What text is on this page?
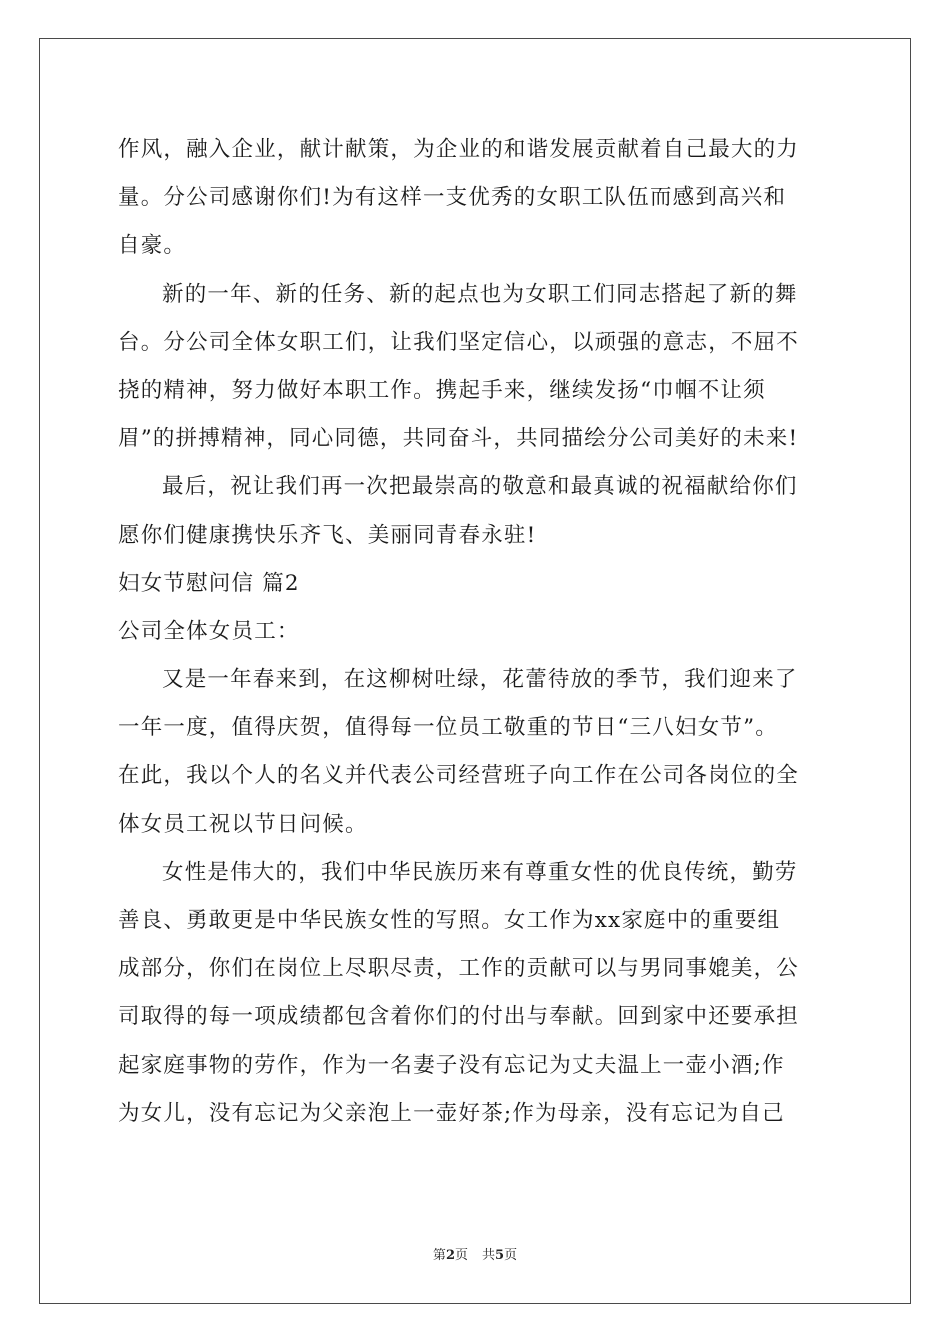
作风，融入企业，献计献策，为企业的和谐发展贡献着自己最大的力
量。分公司感谢你们!为有这样一支优秀的女职工队伍而感到高兴和
自豪。
新的一年、新的任务、新的起点也为女职工们同志搭起了新的舞
台。分公司全体女职工们，让我们坚定信心，以顽强的意志，不屈不
挠的精神，努力做好本职工作。携起手来，继续发扬“巾帼不让须
眉”的拼搏精神，同心同德，共同奋斗，共同描绘分公司美好的未来!
最后，祝让我们再一次把最崇高的敬意和最真诚的祝福献给你们
愿你们健康携快乐齐飞、美丽同青春永驻!
妇女节慰问信 篇2
公司全体女员工：
又是一年春来到，在这柳树吐绿，花蕾待放的季节，我们迎来了
一年一度，值得庆贺，值得每一位员工敬重的节日“三八妇女节”。
在此，我以个人的名义并代表公司经营班子向工作在公司各岗位的全
体女员工祝以节日问候。
女性是伟大的，我们中华民族历来有尊重女性的优良传统，勤劳
善良、勇敢更是中华民族女性的写照。女工作为xx家庭中的重要组
成部分，你们在岗位上尽职尽责，工作的贡献可以与男同事媲美，公
司取得的每一项成绩都包含着你们的付出与奉献。回到家中还要承担
起家庭事物的劳作，作为一名妻子没有忘记为丈夫温上一壶小酒;作
为女儿，没有忘记为父亲泡上一壶好茶;作为母亲，没有忘记为自己
第2页 共5页
